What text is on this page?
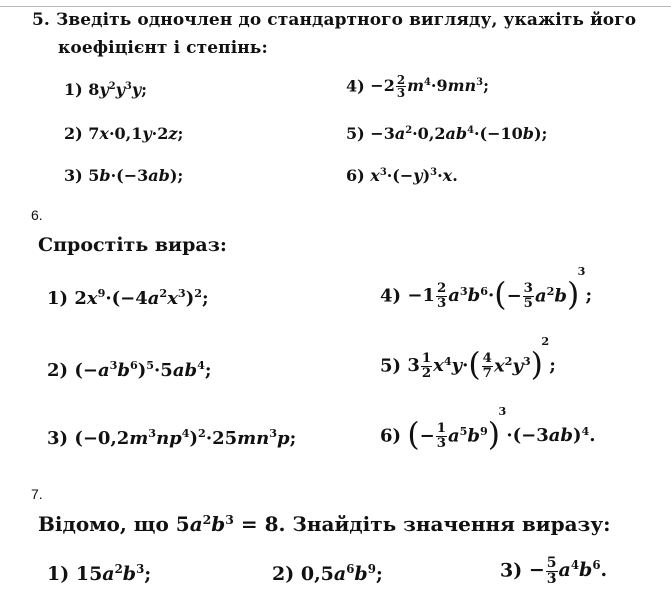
5. Зведіть одночлен до стандартного вигляду, укажіть його
коефіцієнт і степінь:
1) $8y^2y^3y$;
2) 7x·0,1y·2z;
3) 5b·(−3ab);
$4) -2 \frac{2}{3} m^4\cdot 9mn^3$;
$5) -3a^2\cdot 0,2ab^4\cdot(-10b)$;
6) $x^3\cdot(-y)^3\cdot x$.
6.
Спростіть вираз:
1) $2x^9\cdot(-4a^2x^3)^2$;
2) $(-a^3b^6)^5\cdot 5ab^4$;
3) $(-0,2m^3np^4)^2\cdot 25mn^3p$;
$4) -1 \frac{2}{3} a^3b^6\cdot(- \frac{3}{5} a^2b)$
3
;
5) $3 \frac{1}{2} x^4y\cdot( \frac{4}{7} x^2y^3)$
2
;
6) (− $\frac{1}{3} a^5b^9$)
3
$\cdot(-3ab)^4$.
7.
Відомо, що $5a^2b^3 = 8$. Знайдіть значення виразу:
1) $15a^2b^3$;	2) $0,5a^6b^9$;	$3) - \frac{5}{3} a^4b^6$.
